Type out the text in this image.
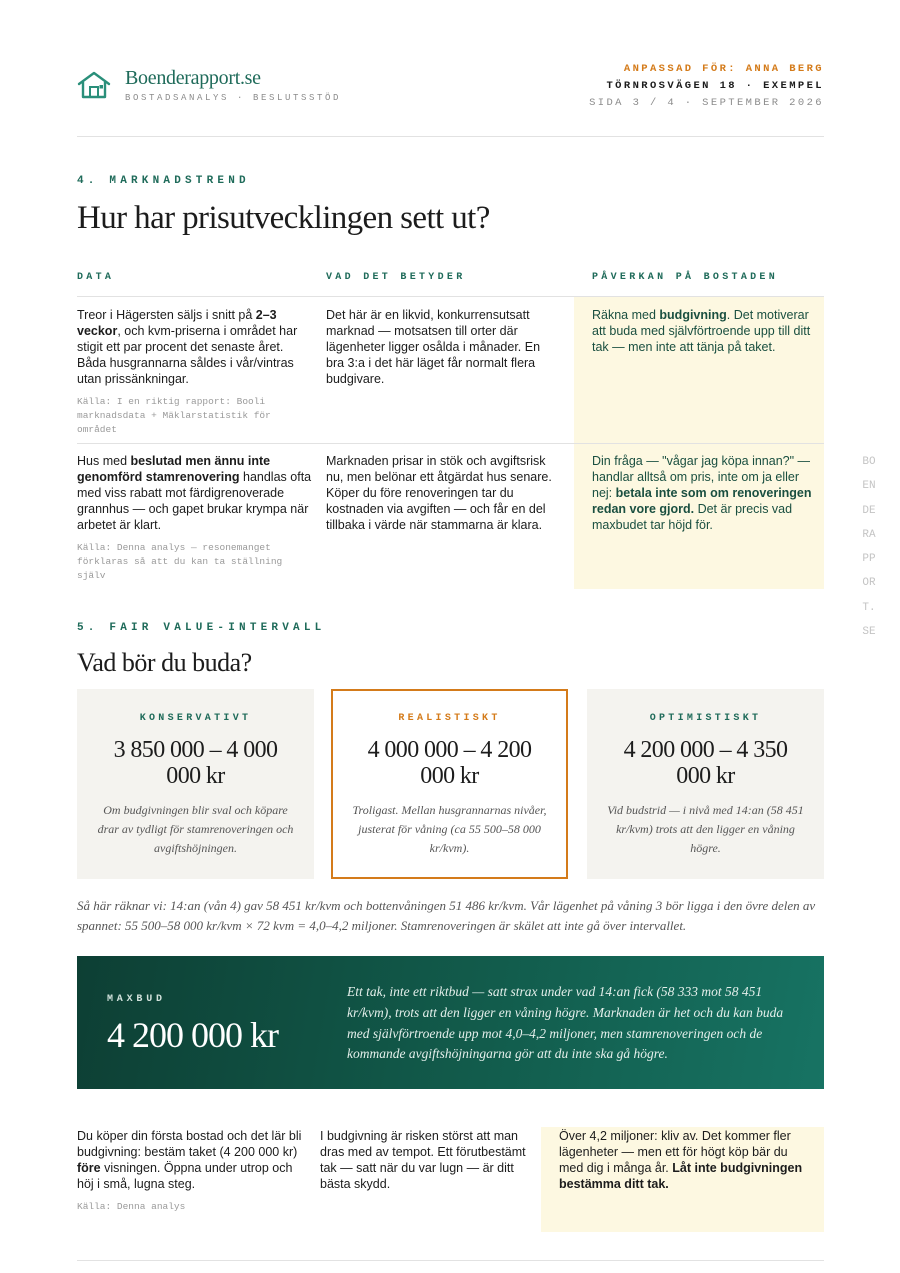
Boenderapport.se
BOSTADSANALYS · BESLUTSSTÖD
ANPASSAD FÖR: ANNA BERG
TÖRNROSVÄGEN 18 · EXEMPEL
SIDA 3 / 4 · SEPTEMBER 2026
4. MARKNADSTREND
Hur har prisutvecklingen sett ut?
DATA	VAD DET BETYDER	PÅVERKAN PÅ BOSTADEN
Treor i Hägersten säljs i snitt på 2–3 veckor, och kvm-priserna i området har stigit ett par procent det senaste året. Båda husgrannarna såldes i vår/vintras utan prissänkningar.
Källa: I en riktig rapport: Booli marknadsdata + Mäklarstatistik för området
Det här är en likvid, konkurrensutsatt marknad — motsatsen till orter där lägenheter ligger osålda i månader. En bra 3:a i det här läget får normalt flera budgivare.
Räkna med budgivning. Det motiverar att buda med självförtroende upp till ditt tak — men inte att tänja på taket.
Hus med beslutad men ännu inte genomförd stamrenovering handlas ofta med viss rabatt mot färdigrenoverade grannhus — och gapet brukar krympa när arbetet är klart.
Källa: Denna analys — resonemanget förklaras så att du kan ta ställning själv
Marknaden prisar in stök och avgiftsrisk nu, men belönar ett åtgärdat hus senare. Köper du före renoveringen tar du kostnaden via avgiften — och får en del tillbaka i värde när stammarna är klara.
Din fråga — "vågar jag köpa innan?" — handlar alltså om pris, inte om ja eller nej: betala inte som om renoveringen redan vore gjord. Det är precis vad maxbudet tar höjd för.
5. FAIR VALUE-INTERVALL
Vad bör du buda?
KONSERVATIVT
3 850 000 – 4 000 000 kr
Om budgivningen blir sval och köpare drar av tydligt för stamrenoveringen och avgiftshöjningen.
REALISTISKT
4 000 000 – 4 200 000 kr
Troligast. Mellan husgrannarnas nivåer, justerat för våning (ca 55 500–58 000 kr/kvm).
OPTIMISTISKT
4 200 000 – 4 350 000 kr
Vid budstrid — i nivå med 14:an (58 451 kr/kvm) trots att den ligger en våning högre.
Så här räknar vi: 14:an (vån 4) gav 58 451 kr/kvm och bottenvåningen 51 486 kr/kvm. Vår lägenhet på våning 3 bör ligga i den övre delen av spannet: 55 500–58 000 kr/kvm × 72 kvm = 4,0–4,2 miljoner. Stamrenoveringen är skälet att inte gå över intervallet.
MAXBUD
4 200 000 kr
Ett tak, inte ett riktbud — satt strax under vad 14:an fick (58 333 mot 58 451 kr/kvm), trots att den ligger en våning högre. Marknaden är het och du kan buda med självförtroende upp mot 4,0–4,2 miljoner, men stamrenoveringen och de kommande avgiftshöjningarna gör att du inte ska gå högre.
Du köper din första bostad och det lär bli budgivning: bestäm taket (4 200 000 kr) före visningen. Öppna under utrop och höj i små, lugna steg.
Källa: Denna analys
I budgivning är risken störst att man dras med av tempot. Ett förutbestämt tak — satt när du var lugn — är ditt bästa skydd.
Över 4,2 miljoner: kliv av. Det kommer fler lägenheter — men ett för högt köp bär du med dig i många år. Låt inte budgivningen bestämma ditt tak.
BOENDERAPPORT.SE
